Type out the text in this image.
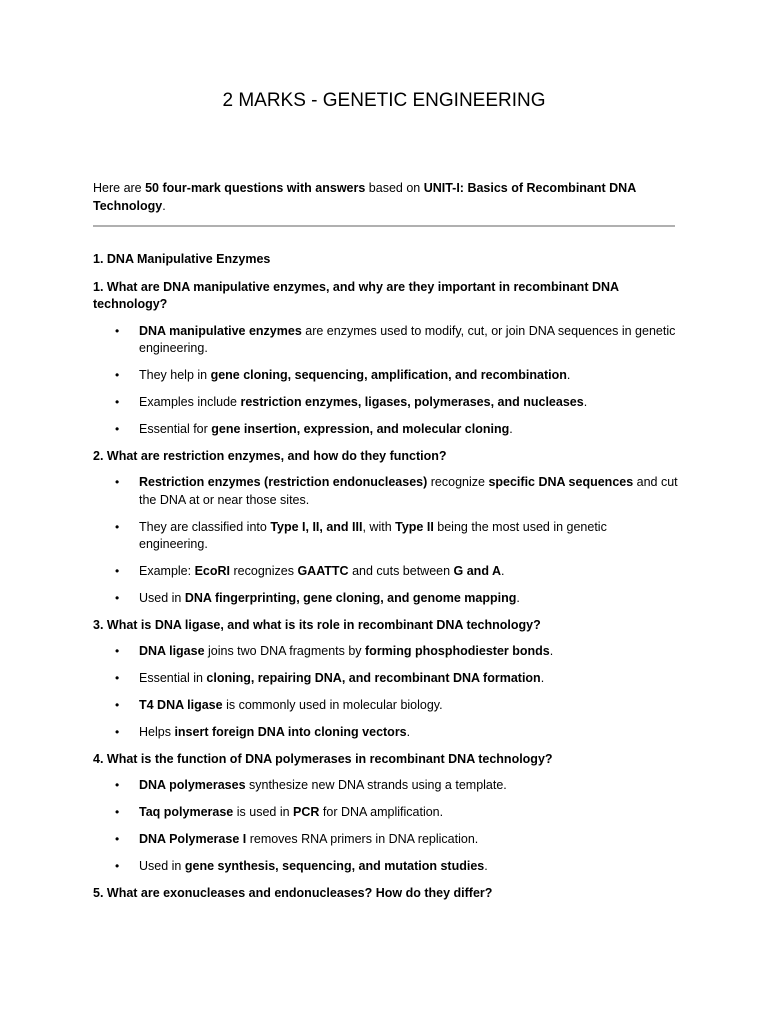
2 MARKS - GENETIC ENGINEERING

Here are 50 four-mark questions with answers based on UNIT-I: Basics of Recombinant DNA Technology.

1. DNA Manipulative Enzymes

1. What are DNA manipulative enzymes, and why are they important in recombinant DNA technology?

• DNA manipulative enzymes are enzymes used to modify, cut, or join DNA sequences in genetic engineering.
• They help in gene cloning, sequencing, amplification, and recombination.
• Examples include restriction enzymes, ligases, polymerases, and nucleases.
• Essential for gene insertion, expression, and molecular cloning.

2. What are restriction enzymes, and how do they function?

• Restriction enzymes (restriction endonucleases) recognize specific DNA sequences and cut the DNA at or near those sites.
• They are classified into Type I, II, and III, with Type II being the most used in genetic engineering.
• Example: EcoRI recognizes GAATTC and cuts between G and A.
• Used in DNA fingerprinting, gene cloning, and genome mapping.

3. What is DNA ligase, and what is its role in recombinant DNA technology?

• DNA ligase joins two DNA fragments by forming phosphodiester bonds.
• Essential in cloning, repairing DNA, and recombinant DNA formation.
• T4 DNA ligase is commonly used in molecular biology.
• Helps insert foreign DNA into cloning vectors.

4. What is the function of DNA polymerases in recombinant DNA technology?

• DNA polymerases synthesize new DNA strands using a template.
• Taq polymerase is used in PCR for DNA amplification.
• DNA Polymerase I removes RNA primers in DNA replication.
• Used in gene synthesis, sequencing, and mutation studies.

5. What are exonucleases and endonucleases? How do they differ?
